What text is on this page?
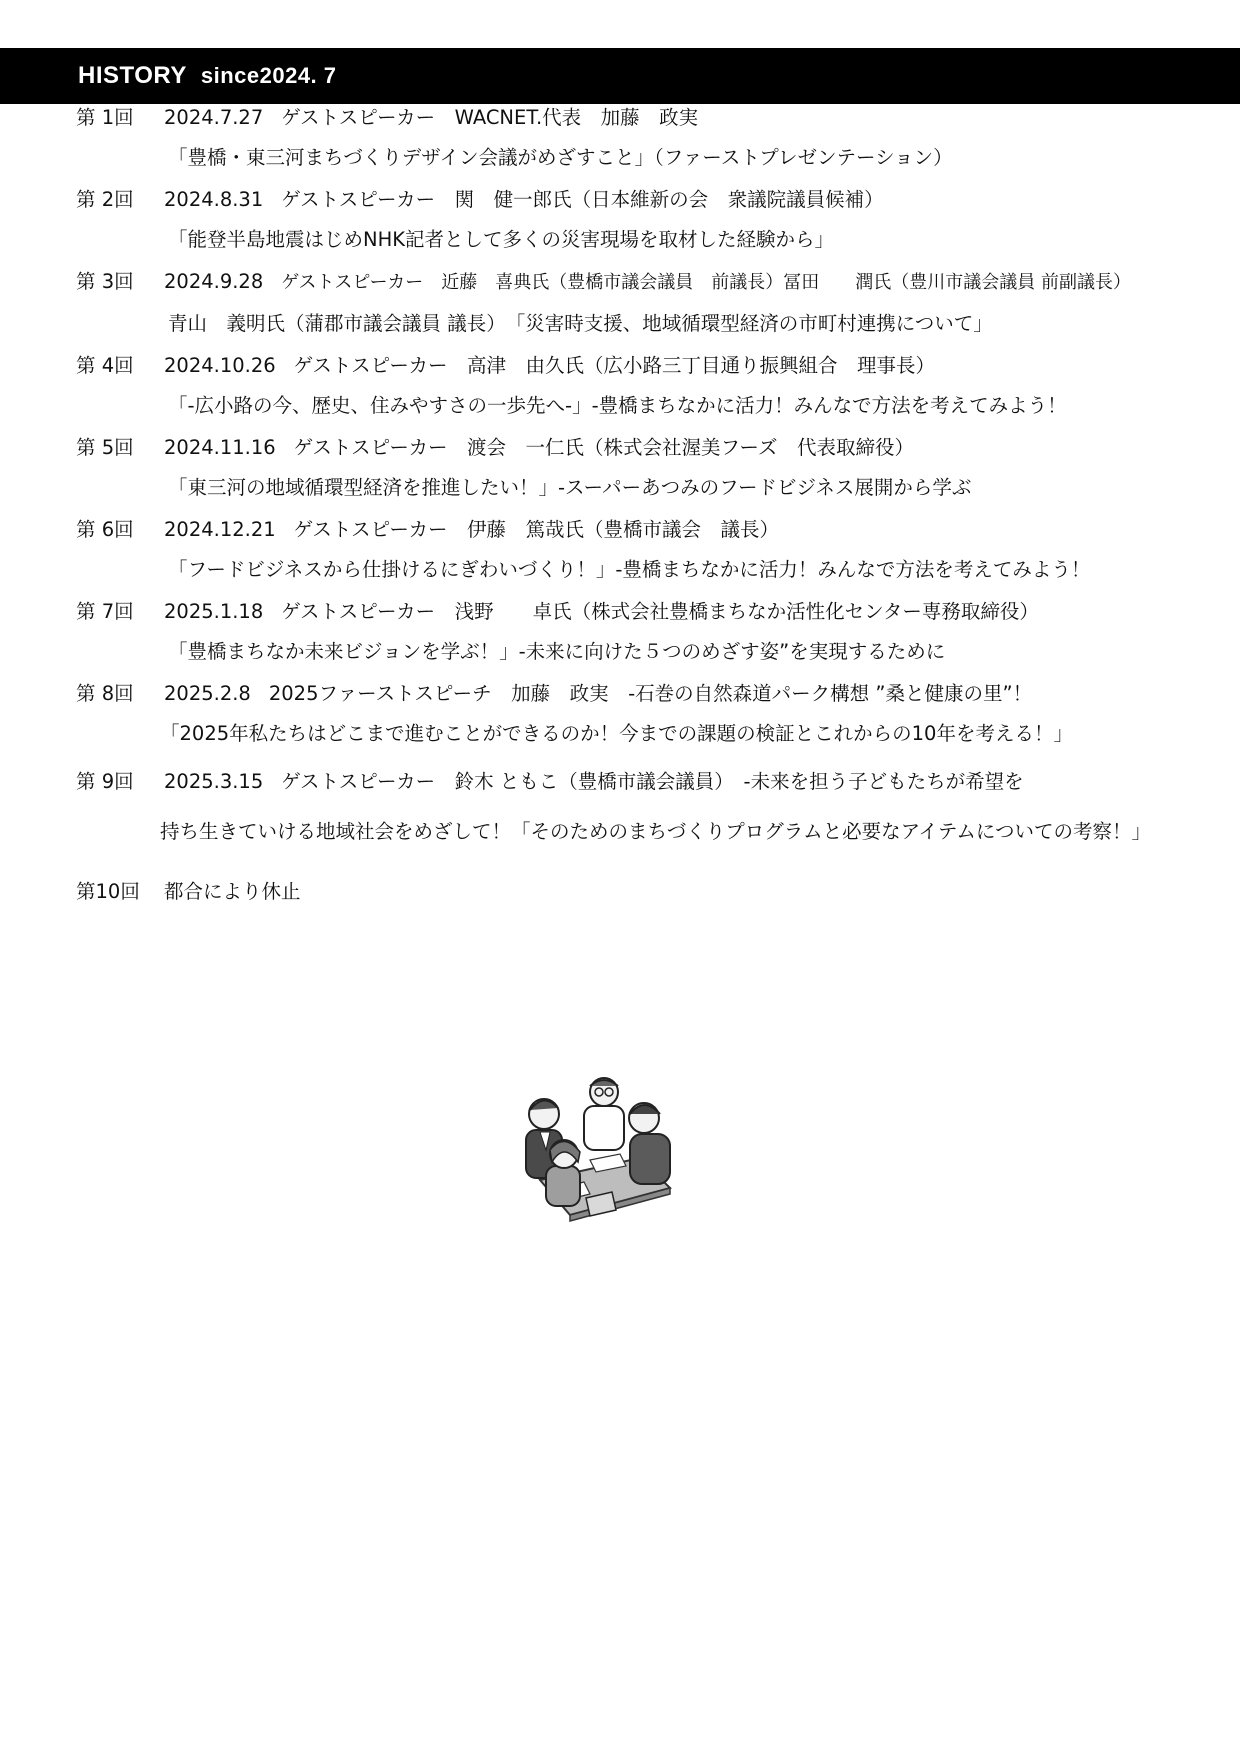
HISTORY since2024. 7
第 1回 2024.7.27 ゲストスピーカー　WACNET.代表　加藤　政実
「豊橋・東三河まちづくりデザイン会議がめざすこと」（ファーストプレゼンテーション）
第 2回 2024.8.31 ゲストスピーカー　関　健一郎氏（日本維新の会　衆議院議員候補）
「能登半島地震はじめNHK記者として多くの災害現場を取材した経験から」
第 3回 2024.9.28 ゲストスピーカー　近藤　喜典氏（豊橋市議会議員　前議長）冨田　　潤氏（豊川市議会議員 前副議長）
青山　義明氏（蒲郡市議会議員 議長）　「災害時支援、地域循環型経済の市町村連携について」
第 4回 2024.10.26 ゲストスピーカー　高津　由久氏（広小路三丁目通り振興組合　理事長）
「-広小路の今、歴史、住みやすさの一歩先へ-」-豊橋まちなかに活力！みんなで方法を考えてみよう！
第 5回 2024.11.16 ゲストスピーカー　渡会　一仁氏（株式会社渥美フーズ　代表取締役）
「東三河の地域循環型経済を推進したい！」-スーパーあつみのフードビジネス展開から学ぶ
第 6回 2024.12.21 ゲストスピーカー　伊藤　篤哉氏（豊橋市議会　議長）
「フードビジネスから仕掛けるにぎわいづくり！」-豊橋まちなかに活力！みんなで方法を考えてみよう！
第 7回 2025.1.18 ゲストスピーカー　浅野　　卓氏（株式会社豊橋まちなか活性化センター専務取締役）
「豊橋まちなか未来ビジョンを学ぶ！」-未来に向けた５つのめざす姿”を実現するために
第 8回 2025.2.8 2025ファーストスピーチ　加藤　政実　-石巻の自然森道パーク構想 ”桑と健康の里”！
「2025年私たちはどこまで進むことができるのか！今までの課題の検証とこれからの10年を考える！」
第 9回 2025.3.15 ゲストスピーカー　鈴木 ともこ（豊橋市議会議員）　-未来を担う子どもたちが希望を
持ち生きていける地域社会をめざして！「そのためのまちづくりプログラムと必要なアイテムについての考察！」
第10回 都合により休止
